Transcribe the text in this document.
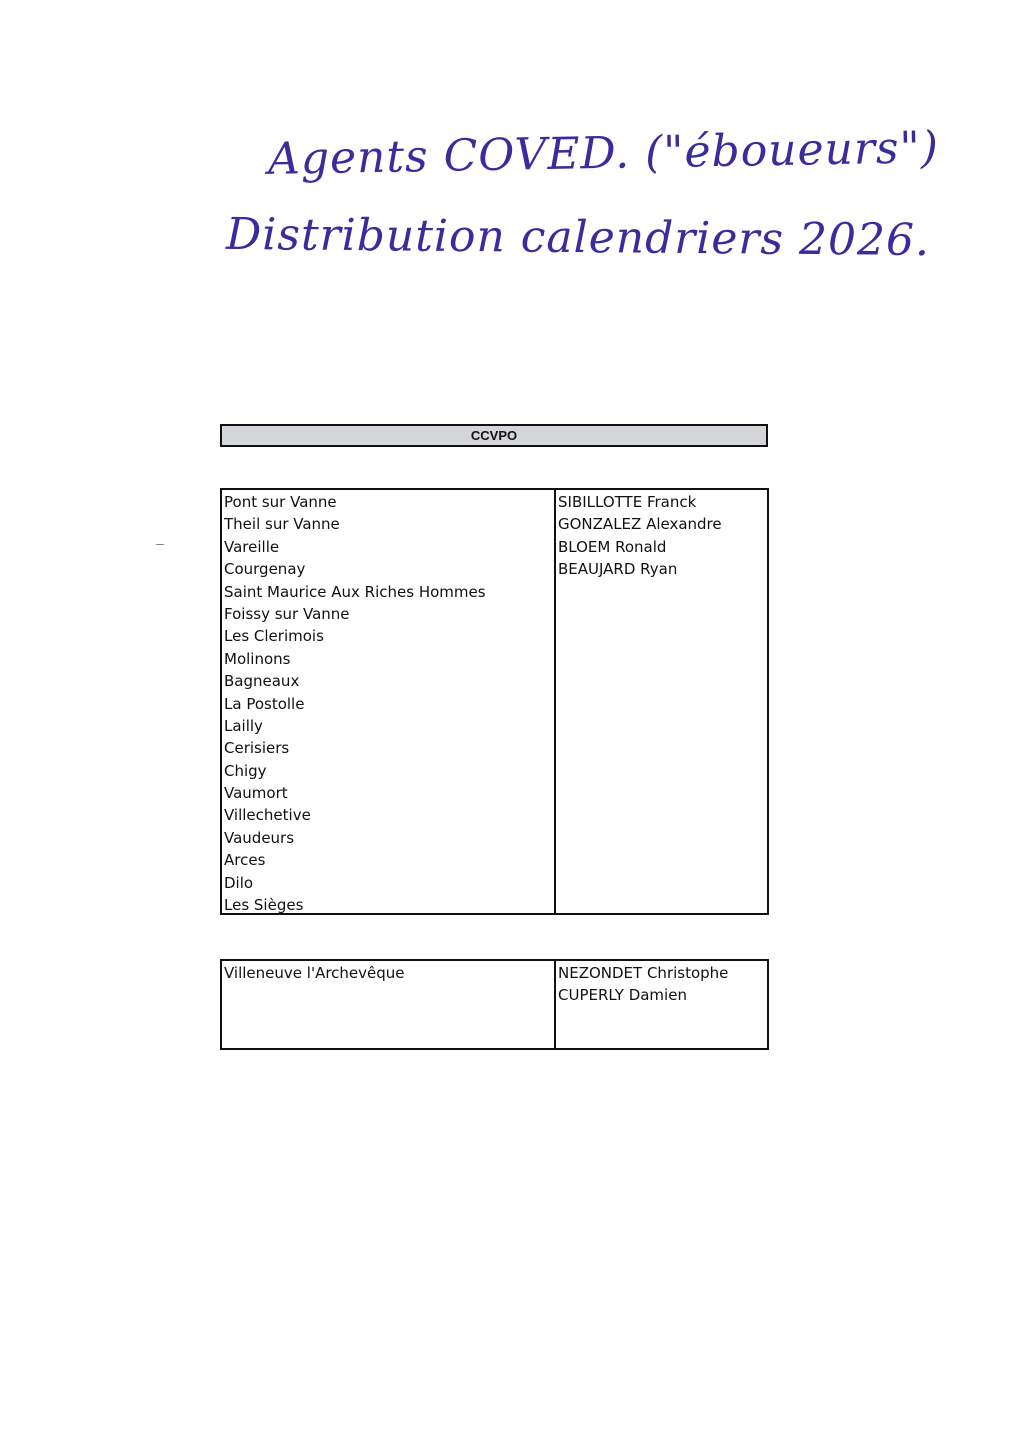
Agents COVED. ("éboueurs")
Distribution calendriers 2026.
CCVPO
Pont sur Vanne
Theil sur Vanne
Vareille
Courgenay
Saint Maurice Aux Riches Hommes
Foissy sur Vanne
Les Clerimois
Molinons
Bagneaux
La Postolle
Lailly
Cerisiers
Chigy
Vaumort
Villechetive
Vaudeurs
Arces
Dilo
Les Sièges
SIBILLOTTE Franck
GONZALEZ Alexandre
BLOEM Ronald
BEAUJARD Ryan
Villeneuve l'Archevêque	NEZONDET Christophe
CUPERLY Damien
